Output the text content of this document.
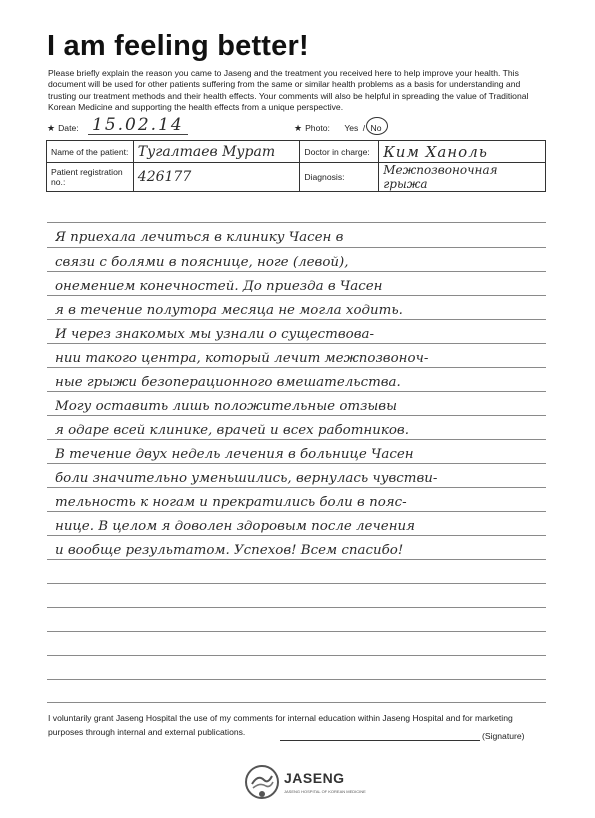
I am feeling better!
Please briefly explain the reason you came to Jaseng and the treatment you received here to help improve your health. This document will be used for other patients suffering from the same or similar health problems as a basis for understanding and trusting our treatment methods and their health effects. Your comments will also be helpful in spreading the value of Traditional Korean Medicine and supporting the health effects from a unique perspective.
★ Date: 15.02.14	★ Photo: Yes / No
Name of the patient:	Тугалтаев Мурат	Doctor in charge:	Ким Ханоль
Patient registration no.:	426177	Diagnosis:	Межпозвоночная грыжа
Я приехала лечиться в клинику Часен в
связи с болями в пояснице, ноге (левой),
онемением конечностей. До приезда в Часен
я в течение полутора месяца не могла ходить.
И через знакомых мы узнали о существова-
нии такого центра, который лечит межпозвоноч-
ные грыжи безоперационного вмешательства.
Могу оставить лишь положительные отзывы
я одаре всей клинике, врачей и всех работников.
В течение двух недель лечения в больнице Часен
боли значительно уменьшились, вернулась чувстви-
тельность к ногам и прекратились боли в пояс-
нице. В целом я доволен здоровым после лечения
и вообще результатом. Успехов! Всем спасибо!
I voluntarily grant Jaseng Hospital the use of my comments for internal education within Jaseng Hospital and for marketing purposes through internal and external publications.	(Signature)
JASENG
JASENG HOSPITAL OF KOREAN MEDICINE
